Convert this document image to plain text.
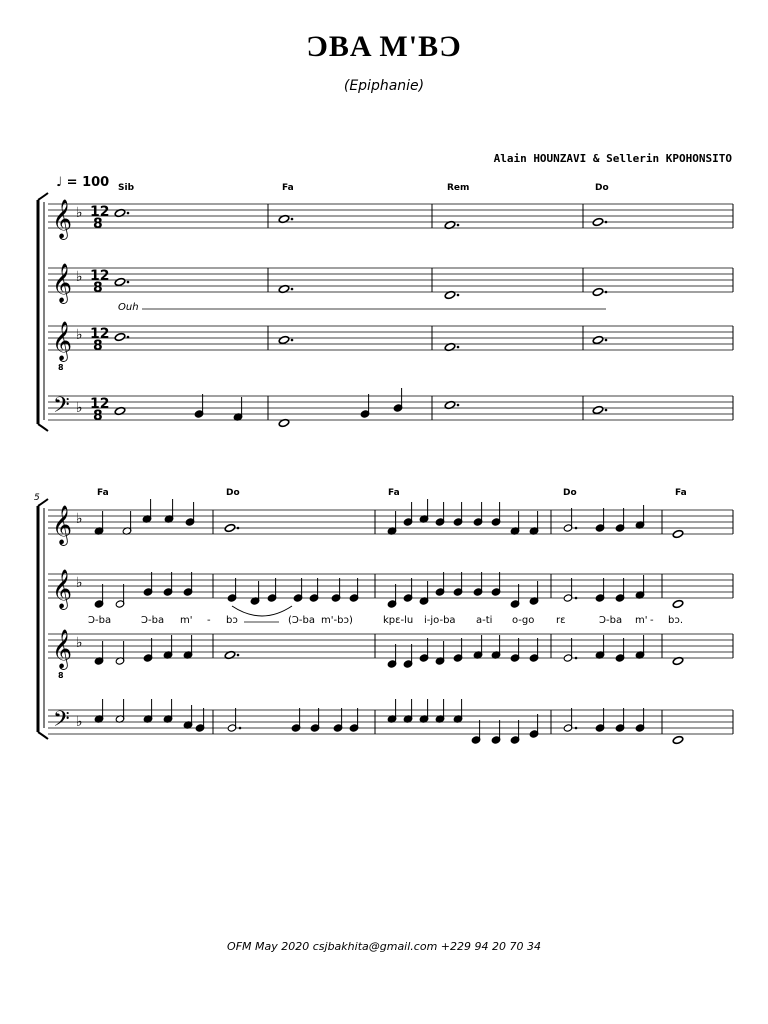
ƆBA M'BƆ
(Epiphanie)
Alain HOUNZAVI & Sellerin KPOHONSITO
♩ = 100 Sib	Fa	Rem	Do
𝄞 ♭ 12
8
𝄞 ♭ 12
8
𝄞
8
♭ 12
8
𝄢 ♭ 12
8
Ouh
5	Fa	Do	Fa	Do	Fa
𝄞 ♭
𝄞 ♭
𝄞
8
♭
𝄢 ♭
Ɔ-ba	Ɔ-ba m' - bɔ	(Ɔ-ba m'-bɔ)	kpɛ-lu i-jo-ba a-ti o-go rɛ	Ɔ-ba m' - bɔ.
OFM May 2020 csjbakhita@gmail.com +229 94 20 70 34
